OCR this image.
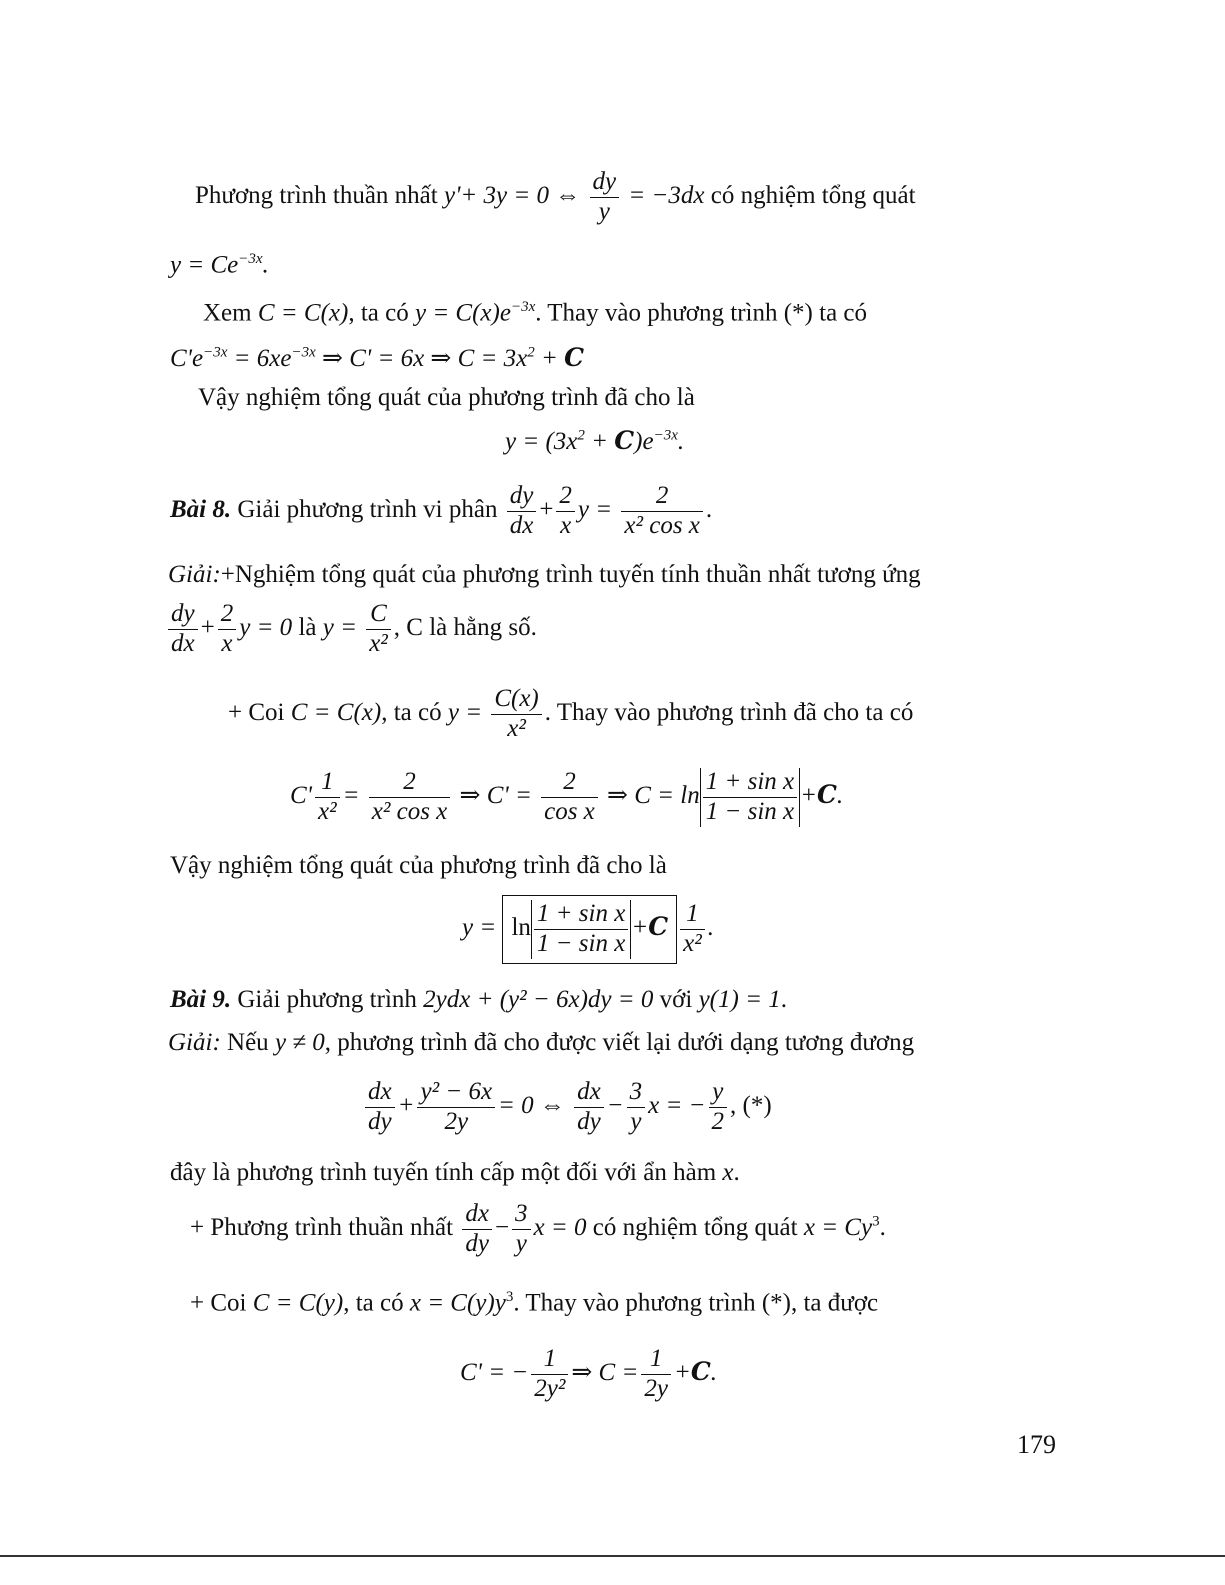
Phương trình thuần nhất y'+ 3y = 0 ⇔ $\frac{dy}{y} = -3dx$ có nghiệm tổng quát
$y = Ce^{-3x}$.
Xem C = C(x), ta có $y = C(x)e^{-3x}$. Thay vào phương trình (*) ta có
$C'e^{-3x} = 6xe^{-3x}$ ⇒ C' = 6x ⇒ $C = 3x^2 + C$
Vậy nghiệm tổng quát của phương trình đã cho là
$y = (3x^2 + C)e^{-3x}$.
Bài 8. Giải phương trình vi phân $\frac{dy}{dx} + \frac{2}{x}$ $y = \frac{2}{\text{x² cos x}}$ .
Giải:+Nghiệm tổng quát của phương trình tuyến tính thuần nhất tương ứng
$\frac{dy}{dx} + \frac{2}{x}$ y = 0 là $y = \frac{C}{\text{x²}}$ , C là hằng số.
+ Coi C = C(x), ta có $y = \frac{C(x)}{\text{x²}}$ . Thay vào phương trình đã cho ta có
$C' \frac{1}{\text{x²}} = \frac{2}{\text{x² cos x}}$ ⇒ $C' = \frac{2}{\text{cos x}}$ ⇒ $C = \ln \frac{\text{1 + sin x}}{\text{1 − sin x}} +C$.
Vậy nghiệm tổng quát của phương trình đã cho là
$y = \ln \frac{\text{1 + sin x}}{\text{1 − sin x}} +C \frac{1}{\text{x²}}$ .
Bài 9. Giải phương trình 2ydx + (y² − 6x)dy = 0 với y(1) = 1.
Giải: Nếu y ≠ 0, phương trình đã cho được viết lại dưới dạng tương đương
$\frac{dx}{dy} + \frac{\text{y² − 6x}}{2y} = 0$ ⇔ $\frac{dx}{dy} - \frac{3}{y}$ x = − $\frac{y}{2}$ , (*)
đây là phương trình tuyến tính cấp một đối với ẩn hàm x.
+ Phương trình thuần nhất $\frac{dx}{dy} - \frac{3}{y}$ x = 0 có nghiệm tổng quát $x = Cy^3$.
+ Coi C = C(y), ta có $x = C(y)y^3$. Thay vào phương trình (*), ta được
C' = − $\frac{1}{\text{2y²}}$ ⇒ $C = \frac{1}{2y} +C$.
179
